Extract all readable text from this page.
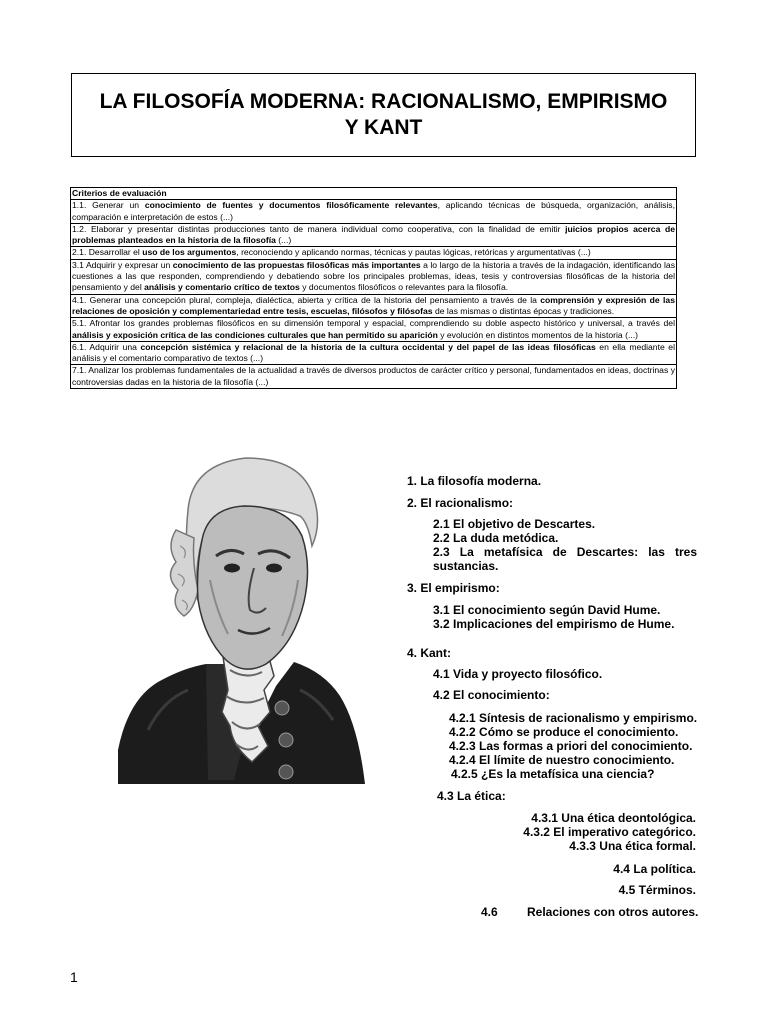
LA FILOSOFÍA MODERNA: RACIONALISMO, EMPIRISMO
Y KANT
Criterios de evaluación
1.1. Generar un conocimiento de fuentes y documentos filosóficamente relevantes, aplicando técnicas de búsqueda, organización, análisis, comparación e interpretación de estos (...)
1.2. Elaborar y presentar distintas producciones tanto de manera individual como cooperativa, con la finalidad de emitir juicios propios acerca de problemas planteados en la historia de la filosofía (...)
2.1. Desarrollar el uso de los argumentos, reconociendo y aplicando normas, técnicas y pautas lógicas, retóricas y argumentativas (...)
3.1 Adquirir y expresar un conocimiento de las propuestas filosóficas más importantes a lo largo de la historia a través de la indagación, identificando las cuestiones a las que responden, comprendiendo y debatiendo sobre los principales problemas, ideas, tesis y controversias filosóficas de la historia del pensamiento y del análisis y comentario crítico de textos y documentos filosóficos o relevantes para la filosofía.
4.1. Generar una concepción plural, compleja, dialéctica, abierta y crítica de la historia del pensamiento a través de la comprensión y expresión de las relaciones de oposición y complementariedad entre tesis, escuelas, filósofos y filósofas de las mismas o distintas épocas y tradiciones.
5.1. Afrontar los grandes problemas filosóficos en su dimensión temporal y espacial, comprendiendo su doble aspecto histórico y universal, a través del análisis y exposición crítica de las condiciones culturales que han permitido su aparición y evolución en distintos momentos de la historia (...)
6.1. Adquirir una concepción sistémica y relacional de la historia de la cultura occidental y del papel de las ideas filosóficas en ella mediante el análisis y el comentario comparativo de textos (...)
7.1. Analizar los problemas fundamentales de la actualidad a través de diversos productos de carácter crítico y personal, fundamentados en ideas, doctrinas y controversias dadas en la historia de la filosofía (...)
1. La filosofía moderna.
2. El racionalismo:
2.1 El objetivo de Descartes.
2.2 La duda metódica.
2.3 La metafísica de Descartes: las tres
sustancias.
3. El empirismo:
3.1 El conocimiento según David Hume.
3.2 Implicaciones del empirismo de Hume.
4. Kant:
4.1 Vida y proyecto filosófico.
4.2 El conocimiento:
4.2.1 Síntesis de racionalismo y empirismo.
4.2.2 Cómo se produce el conocimiento.
4.2.3 Las formas a priori del conocimiento.
4.2.4 El límite de nuestro conocimiento.
4.2.5 ¿Es la metafísica una ciencia?
4.3 La ética:
4.3.1 Una ética deontológica.
4.3.2 El imperativo categórico.
4.3.3 Una ética formal.
4.4 La política.
4.5 Términos.
4.6 Relaciones con otros autores.
1
